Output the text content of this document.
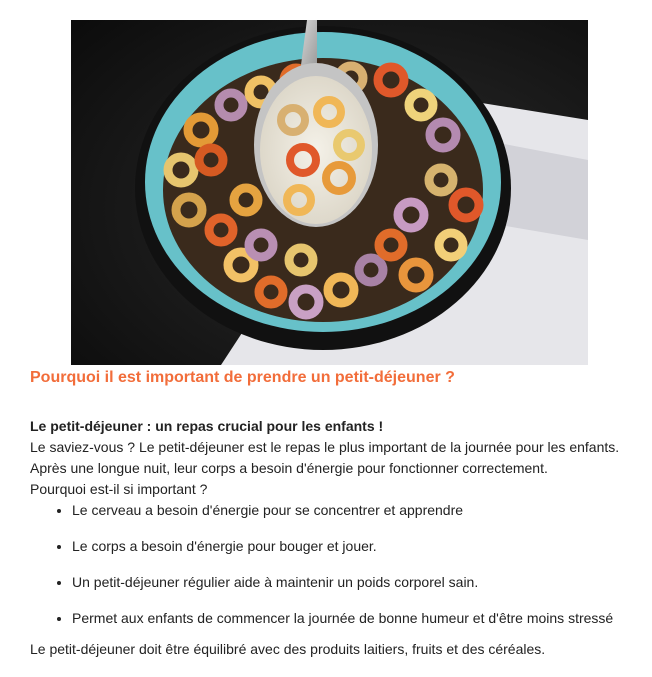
Pourquoi il est important de prendre un petit-déjeuner ?

Le petit-déjeuner : un repas crucial pour les enfants !

Le saviez-vous ? Le petit-déjeuner est le repas le plus important de la journée pour les enfants.

Après une longue nuit, leur corps a besoin d'énergie pour fonctionner correctement.

Pourquoi est-il si important ?

• Le cerveau a besoin d'énergie pour se concentrer et apprendre
• Le corps a besoin d'énergie pour bouger et jouer.
• Un petit-déjeuner régulier aide à maintenir un poids corporel sain.
• Permet aux enfants de commencer la journée de bonne humeur et d'être moins stressé

Le petit-déjeuner doit être équilibré avec des produits laitiers, fruits et des céréales.
